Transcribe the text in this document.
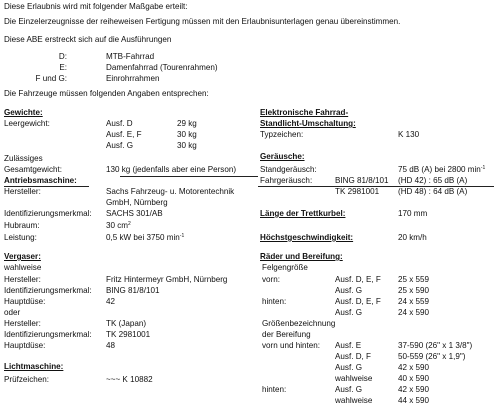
Diese Erlaubnis wird mit folgender Maßgabe erteilt:
Die Einzelerzeugnisse der reiheweisen Fertigung müssen mit den Erlaubnisunterlagen genau übereinstimmen.
Diese ABE erstreckt sich auf die Ausführungen
D:	MTB-Fahrrad
E:	Damenfahrrad (Tourenrahmen)
F und G:	Einrohrrahmen
Die Fahrzeuge müssen folgenden Angaben entsprechen:
Gewichte:
Leergewicht:	Ausf. D	29 kg
Ausf. E, F	30 kg
Ausf. G	30 kg
Zulässiges
Gesamtgewicht:	130 kg (jedenfalls aber eine Person)
Antriebsmaschine:
Hersteller:	Sachs Fahrzeug- u. Motorentechnik
GmbH, Nürnberg
Identifizierungsmerkmal: SACHS 301/AB
Hubraum:	30 $cm^2$
Leistung:	0,5 kW bei 3750 $\min^{-1}$
Vergaser:
wahlweise
Hersteller:	Fritz Hintermeyr GmbH, Nürnberg
Identifizierungsmerkmal: BING 81/8/101
Hauptdüse:	42
oder
Hersteller:	TK (Japan)
Identifizierungsmerkmal: TK 2981001
Hauptdüse:	48
Lichtmaschine:
Prüfzeichen:	~~~ K 10882
Elektronische Fahrrad-
Standlicht-Umschaltung:
Typzeichen:	K 130
Geräusche:
Standgeräusch:	75 dB (A) bei 2800 $\min^{-1}$
Fahrgeräusch:	BING 81/8/101 (HD 42) : 65 dB (A)
TK 2981001 (HD 48) : 64 dB (A)
Länge der Trettkurbel:	170 mm
Höchstgeschwindigkeit:	20 km/h
Räder und Bereifung:
Felgengröße
vorn:	Ausf. D, E, F 25 x 559
Ausf. G	25 x 590
hinten:	Ausf. D, E, F 24 x 559
Ausf. G	24 x 590
Größenbezeichnung
der Bereifung
vorn und hinten: Ausf. E	37-590 (26" x 1 3/8")
Ausf. D, F	50-559 (26" x 1,9")
Ausf. G	42 x 590
wahlweise	40 x 590
hinten:	Ausf. G	42 x 590
wahlweise	44 x 590
